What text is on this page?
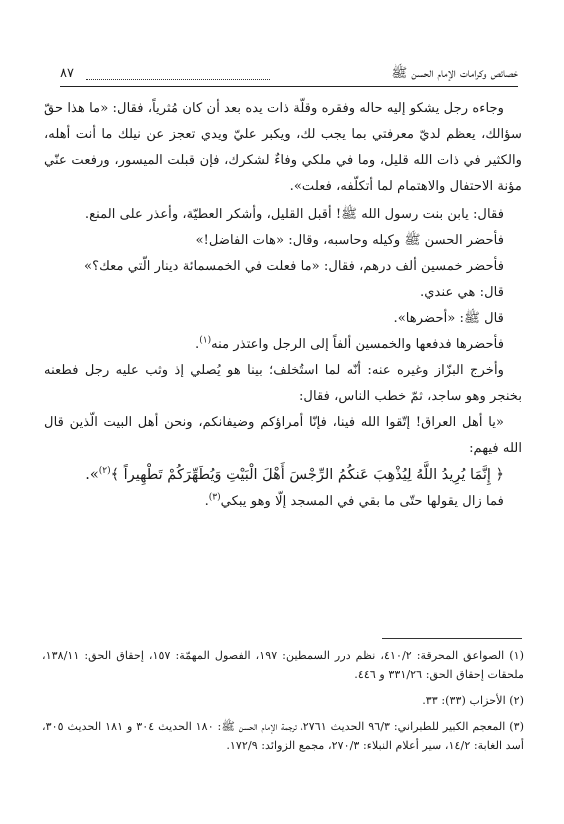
خصائص وكرامات الإمام الحسن ﷺ
٨٧

وجاءه رجل يشكو إليه حاله وفقره وقلّة ذات يده بعد أن كان مُثرياً، فقال: «ما هذا حقّ سؤالك، يعظم لديّ معرفتي بما يجب لك، ويكبر عليّ ويدي تعجز عن نيلك ما أنت أهله، والكثير في ذات الله قليل، وما في ملكي وفاءٌ لشكرك، فإن قبلت الميسور، ورفعت عنّي مؤنة الاحتفال والاهتمام لما أتكلّفه، فعلت».

فقال: يابن بنت رسول الله ﷺ! أقبل القليل، وأشكر العطيّة، وأعذر على المنع.

فأحضر الحسن ﷺ وكيله وحاسبه، وقال: «هات الفاضل!»

فأحضر خمسين ألف درهم، فقال: «ما فعلت في الخمسمائة دينار الّتي معك؟»

قال: هي عندي.

قال ﷺ: «أحضرها».

فأحضرها فدفعها والخمسين ألفاً إلى الرجل واعتذر منه$^{(١)}$.

وأخرج البزّاز وغيره عنه: أنّه لما استُخلف؛ بينا هو يُصلي إذ وثب عليه رجل فطعنه بخنجر وهو ساجد، ثمّ خطب الناس، فقال:

«يا أهل العراق! إتّقوا الله فينا، فإنّا أمراؤكم وضيفانكم، ونحن أهل البيت الّذين قال الله فيهم:

﴿ إِنَّمَا يُرِيدُ اللَّهُ لِيُذْهِبَ عَنكُمُ الرِّجْسَ أَهْلَ الْبَيْتِ وَيُطَهِّرَكُمْ تَطْهِيراً ﴾$^{(٢)}$».

فما زال يقولها حتّى ما بقي في المسجد إلّا وهو يبكي$^{(٣)}$.

(١) الصواعق المحرقة: ٤١٠/٢، نظم درر السمطين: ١٩٧، الفصول المهمّة: ١٥٧، إحقاق الحق: ١٣٨/١١، ملحقات إحقاق الحق: ٣٣١/٢٦ و ٤٤٦.

(٢) الأحزاب (٣٣): ٣٣.

(٣) المعجم الكبير للطبراني: ٩٦/٣ الحديث ٢٧٦١، ترجمة الإمام الحسن ﷺ: ١٨٠ الحديث ٣٠٤ و ١٨١ الحديث ٣٠٥، أسد الغابة: ١٤/٢، سير أعلام النبلاء: ٢٧٠/٣، مجمع الزوائد: ١٧٢/٩.
